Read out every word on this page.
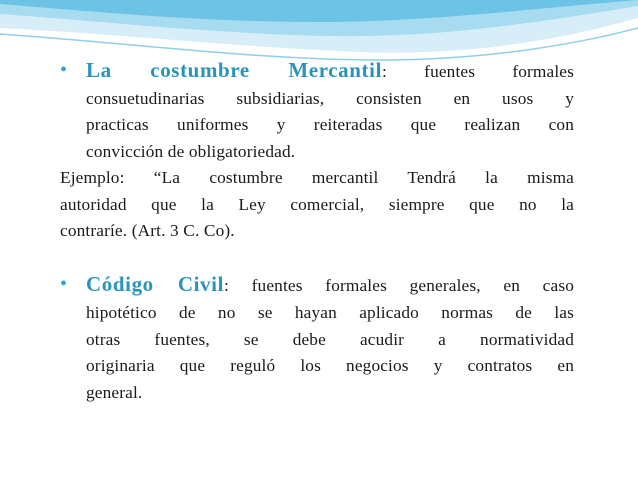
• La costumbre Mercantil: fuentes formales
consuetudinarias subsidiarias, consisten en usos y
practicas uniformes y reiteradas que realizan con
convicción de obligatoriedad.
Ejemplo: “La costumbre mercantil Tendrá la misma
autoridad que la Ley comercial, siempre que no la
contraríe. (Art. 3 C. Co).
• Código Civil: fuentes formales generales, en caso
hipotético de no se hayan aplicado normas de las
otras fuentes, se debe acudir a normatividad
originaria que reguló los negocios y contratos en
general.
